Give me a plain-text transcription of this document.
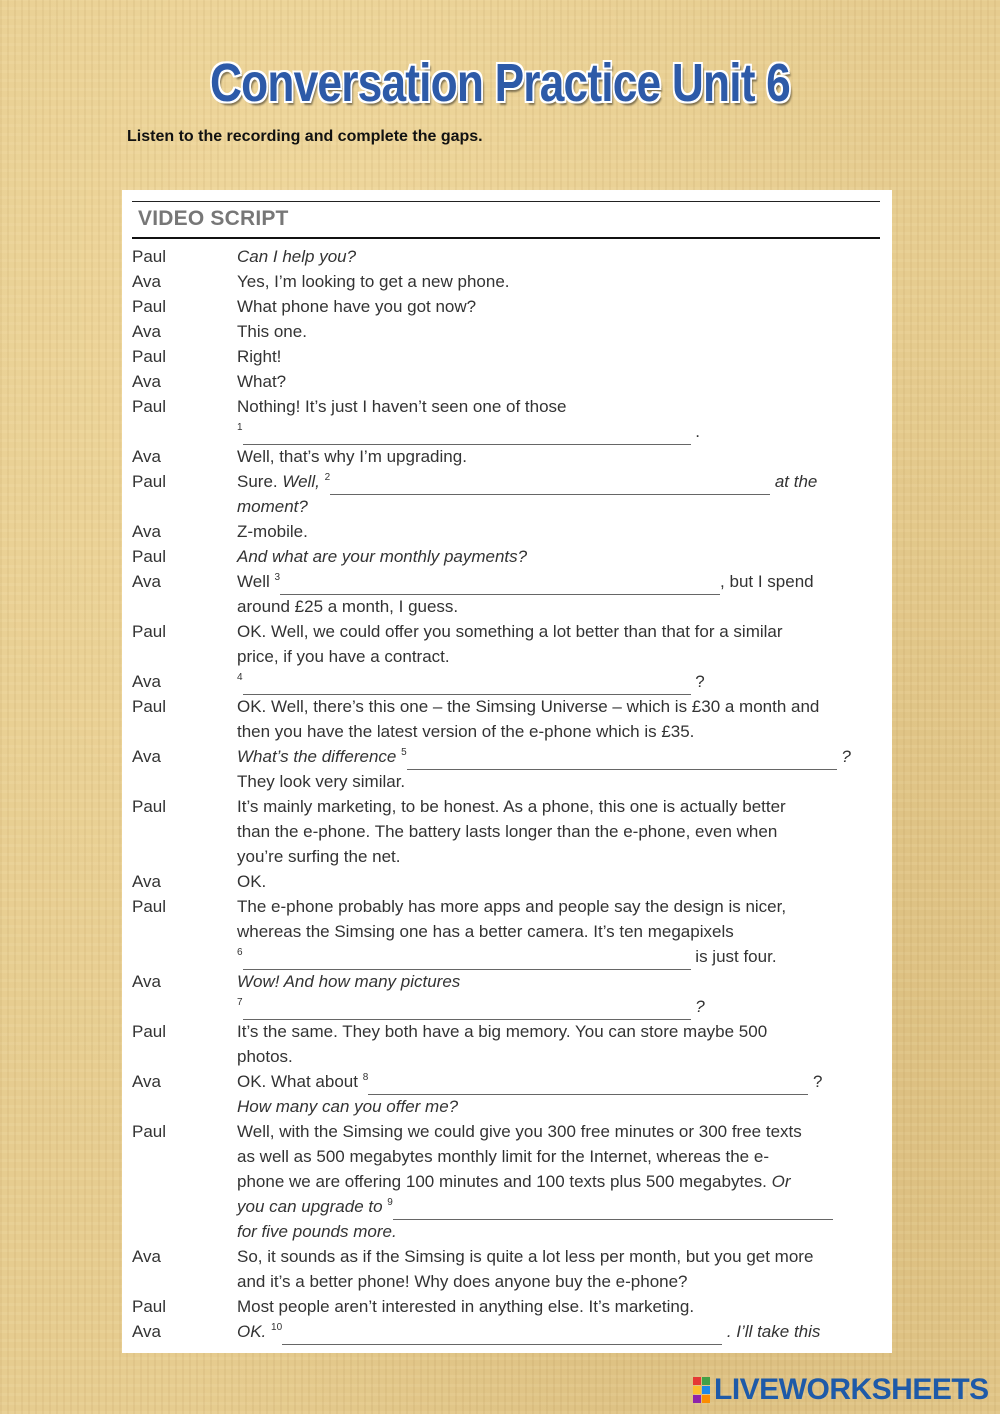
Conversation Practice Unit 6
Listen to the recording and complete the gaps.
VIDEO SCRIPT
Paul	Can I help you?
Ava	Yes, I’m looking to get a new phone.
Paul	What phone have you got now?
Ava	This one.
Paul	Right!
Ava	What?
Paul	Nothing! It’s just I haven’t seen one of those
$^1$	.
Ava	Well, that’s why I’m upgrading.
Paul	Sure. Well, $^2$	at the
moment?
Ava	Z-mobile.
Paul	And what are your monthly payments?
Ava	Well $^3$	, but I spend
around £25 a month, I guess.
Paul	OK. Well, we could offer you something a lot better than that for a similar
price, if you have a contract.
Ava	$^4$	?
Paul	OK. Well, there’s this one – the Simsing Universe – which is £30 a month and
then you have the latest version of the e-phone which is £35.
Ava	What’s the difference $^5$	?
They look very similar.
Paul	It’s mainly marketing, to be honest. As a phone, this one is actually better
than the e-phone. The battery lasts longer than the e-phone, even when
you’re surfing the net.
Ava	OK.
Paul	The e-phone probably has more apps and people say the design is nicer,
whereas the Simsing one has a better camera. It’s ten megapixels
$^6$	is just four.
Ava	Wow! And how many pictures
$^7$	?
Paul	It’s the same. They both have a big memory. You can store maybe 500
photos.
Ava	OK. What about $^8$	?
How many can you offer me?
Paul	Well, with the Simsing we could give you 300 free minutes or 300 free texts
as well as 500 megabytes monthly limit for the Internet, whereas the e-
phone we are offering 100 minutes and 100 texts plus 500 megabytes. Or
you can upgrade to $^9$
for five pounds more.
Ava	So, it sounds as if the Simsing is quite a lot less per month, but you get more
and it’s a better phone! Why does anyone buy the e-phone?
Paul	Most people aren’t interested in anything else. It’s marketing.
Ava	OK. $^{10}$	. I’ll take this
LIVEWORKSHEETS
